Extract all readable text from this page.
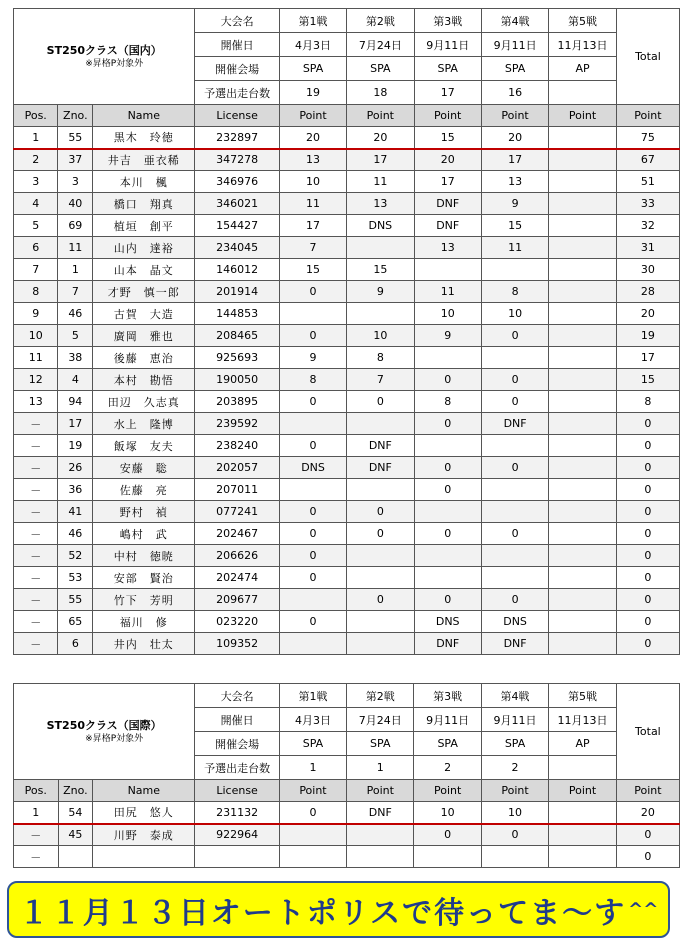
ST250クラス（国内）
※昇格P対象外			大会名	第1戦	第2戦	第3戦	第4戦	第5戦	Total
			開催日	4月3日	7月24日	9月11日	9月11日	11月13日	
			開催会場	SPA	SPA	SPA	SPA	AP	
			予選出走台数	19	18	17	16		
Pos.	Zno.	Name	License	Point	Point	Point	Point	Point	Point
1	55	黒木　玲徳	232897	20	20	15	20		75
2	37	井吉　亜衣稀	347278	13	17	20	17		67
3	3	本川　楓	346976	10	11	17	13		51
4	40	橋口　翔真	346021	11	13	DNF	9		33
5	69	植垣　創平	154427	17	DNS	DNF	15		32
6	11	山内　達裕	234045	7		13	11		31
7	1	山本　晶文	146012	15	15				30
8	7	才野　慎一郎	201914	0	9	11	8		28
9	46	古賀　大造	144853			10	10		20
10	5	廣岡　雅也	208465	0	10	9	0		19
11	38	後藤　恵治	925693	9	8				17
12	4	本村　勘悟	190050	8	7	0	0		15
13	94	田辺　久志真	203895	0	0	8	0		8
－	17	水上　隆博	239592			0	DNF		0
－	19	飯塚　友夫	238240	0	DNF				0
－	26	安藤　聡	202057	DNS	DNF	0	0		0
－	36	佐藤　亮	207011			0			0
－	41	野村　禎	077241	0	0				0
－	46	嶋村　武	202467	0	0	0	0		0
－	52	中村　徳暁	206626	0					0
－	53	安部　賢治	202474	0					0
－	55	竹下　芳明	209677		0	0	0		0
－	65	福川　修	023220	0		DNS	DNS		0
－	6	井内　壮太	109352			DNF	DNF		0
ST250クラス（国際）
※昇格P対象外			大会名	第1戦	第2戦	第3戦	第4戦	第5戦	Total
			開催日	4月3日	7月24日	9月11日	9月11日	11月13日	
			開催会場	SPA	SPA	SPA	SPA	AP	
			予選出走台数	1	1	2	2		
Pos.	Zno.	Name	License	Point	Point	Point	Point	Point	Point
1	54	田尻　悠人	231132	0	DNF	10	10		20
－	45	川野　泰成	922964			0	0		0
－									0
１１月１３日オートポリスで待ってま～す ^^
